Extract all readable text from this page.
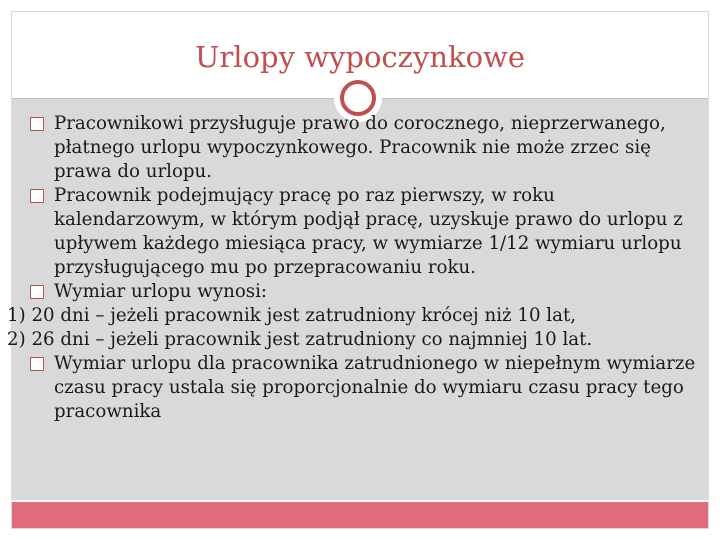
Urlopy wypoczynkowe
Pracownikowi przysługuje prawo do corocznego, nieprzerwanego, płatnego urlopu wypoczynkowego. Pracownik nie może zrzec się prawa do urlopu.
Pracownik podejmujący pracę po raz pierwszy, w roku kalendarzowym, w którym podjął pracę, uzyskuje prawo do urlopu z upływem każdego miesiąca pracy, w wymiarze 1/12 wymiaru urlopu przysługującego mu po przepracowaniu roku.
Wymiar urlopu wynosi:
1) 20 dni – jeżeli pracownik jest zatrudniony krócej niż 10 lat,
2) 26 dni – jeżeli pracownik jest zatrudniony co najmniej 10 lat.
Wymiar urlopu dla pracownika zatrudnionego w niepełnym wymiarze czasu pracy ustala się proporcjonalnie do wymiaru czasu pracy tego pracownika
